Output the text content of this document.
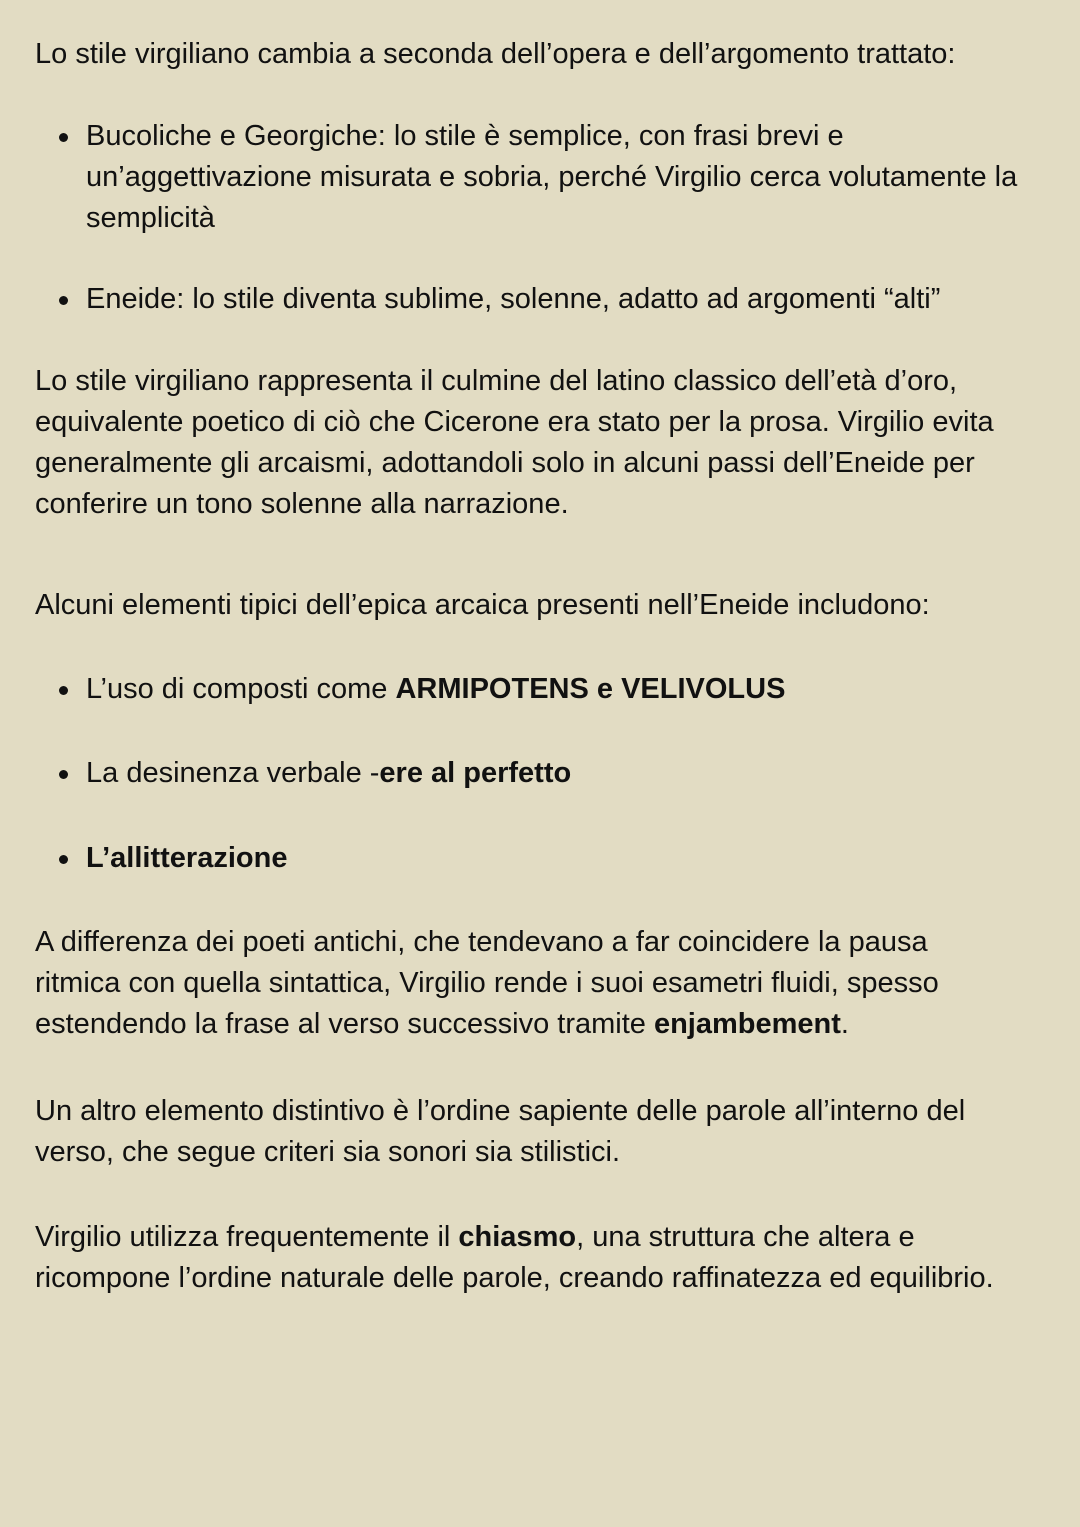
Lo stile virgiliano cambia a seconda dell’opera e dell’argomento trattato:

Bucoliche e Georgiche: lo stile è semplice, con frasi brevi e un’aggettivazione misurata e sobria, perché Virgilio cerca volutamente la semplicità

Eneide: lo stile diventa sublime, solenne, adatto ad argomenti “alti”

Lo stile virgiliano rappresenta il culmine del latino classico dell’età d’oro, equivalente poetico di ciò che Cicerone era stato per la prosa. Virgilio evita generalmente gli arcaismi, adottandoli solo in alcuni passi dell’Eneide per conferire un tono solenne alla narrazione.

Alcuni elementi tipici dell’epica arcaica presenti nell’Eneide includono:

L’uso di composti come ARMIPOTENS e VELIVOLUS

La desinenza verbale -ere al perfetto

L’allitterazione

A differenza dei poeti antichi, che tendevano a far coincidere la pausa ritmica con quella sintattica, Virgilio rende i suoi esametri fluidi, spesso estendendo la frase al verso successivo tramite enjambement.

Un altro elemento distintivo è l’ordine sapiente delle parole all’interno del verso, che segue criteri sia sonori sia stilistici.

Virgilio utilizza frequentemente il chiasmo, una struttura che altera e ricompone l’ordine naturale delle parole, creando raffinatezza ed equilibrio.
